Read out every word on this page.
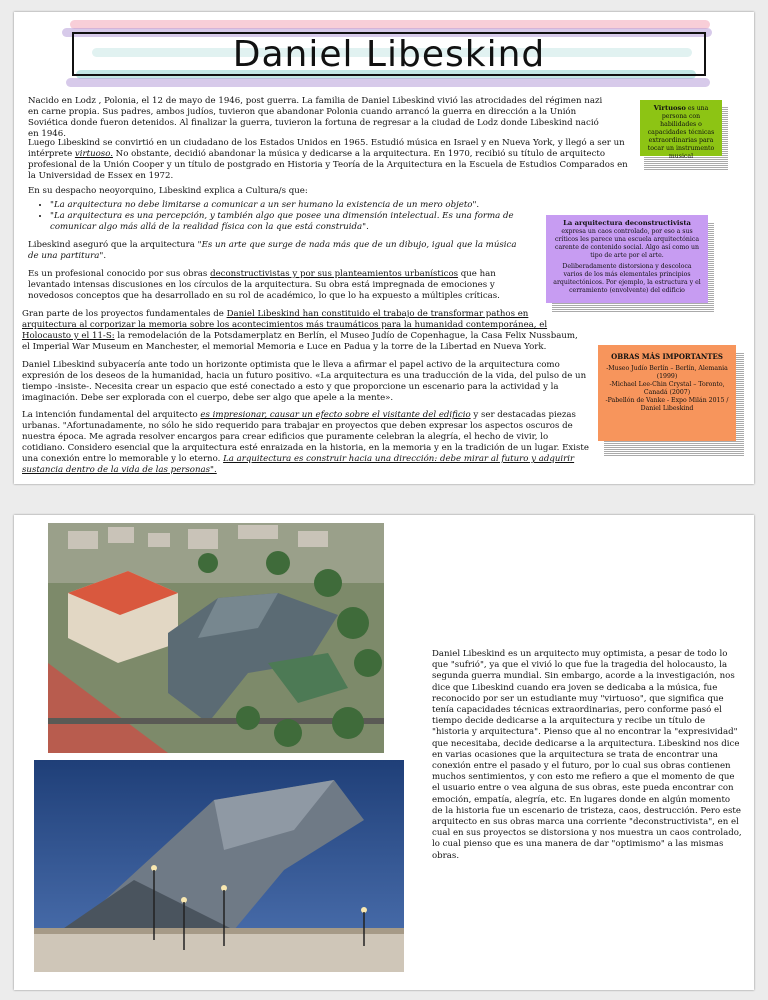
Daniel Libeskind

Nacido en Lodz , Polonia, el 12 de mayo de 1946, post guerra. La familia de Daniel Libeskind vivió las atrocidades del régimen nazi en carne propia. Sus padres, ambos judíos, tuvieron que abandonar Polonia cuando arrancó la guerra en dirección a la Unión Soviética donde fueron detenidos. Al finalizar la guerra, tuvieron la fortuna de regresar a la ciudad de Lodz donde Libeskind nació en 1946.

Luego Libeskind se convirtió en un ciudadano de los Estados Unidos en 1965. Estudió música en Israel y en Nueva York, y llegó a ser un intérprete virtuoso. No obstante, decidió abandonar la música y dedicarse a la arquitectura. En 1970, recibió su título de arquitecto profesional de la Unión Cooper y un título de postgrado en Historia y Teoría de la Arquitectura en la Escuela de Estudios Comparados en la Universidad de Essex en 1972.

En su despacho neoyorquino, Libeskind explica a Cultura/s que:

• "La arquitectura no debe limitarse a comunicar a un ser humano la existencia de un mero objeto".
• "La arquitectura es una percepción, y también algo que posee una dimensión intelectual. Es una forma de comunicar algo más allá de la realidad física con la que está construida".

Libeskind aseguró que la arquitectura "Es un arte que surge de nada más que de un dibujo, igual que la música de una partitura".

Es un profesional conocido por sus obras deconstructivistas y por sus planteamientos urbanísticos que han levantado intensas discusiones en los círculos de la arquitectura. Su obra está impregnada de emociones y novedosos conceptos que ha desarrollado en su rol de académico, lo que lo ha expuesto a múltiples críticas.

Gran parte de los proyectos fundamentales de Daniel Libeskind han constituido el trabajo de transformar pathos en arquitectura al corporizar la memoria sobre los acontecimientos más traumáticos para la humanidad contemporánea, el Holocausto y el 11-S: la remodelación de la Potsdamerplatz en Berlín, el Museo Judío de Copenhague, la Casa Felix Nussbaum, el Imperial War Museum en Manchester, el memorial Memoria e Luce en Padua y la torre de la Libertad en Nueva York.

Daniel Libeskind subyacería ante todo un horizonte optimista que le lleva a afirmar el papel activo de la arquitectura como expresión de los deseos de la humanidad, hacia un futuro positivo. «La arquitectura es una traducción de la vida, del pulso de un tiempo -insiste-. Necesita crear un espacio que esté conectado a esto y que proporcione un escenario para la actividad y la imaginación. Debe ser explorada con el cuerpo, debe ser algo que apele a la mente».

La intención fundamental del arquitecto es impresionar, causar un efecto sobre el visitante del edificio y ser destacadas piezas urbanas. "Afortunadamente, no sólo he sido requerido para trabajar en proyectos que deben expresar los aspectos oscuros de nuestra época. Me agrada resolver encargos para crear edificios que puramente celebran la alegría, el hecho de vivir, lo cotidiano. Considero esencial que la arquitectura esté enraizada en la historia, en la memoria y en la tradición de un lugar. Existe una conexión entre lo memorable y lo eterno. La arquitectura es construir hacia una dirección: debe mirar al futuro y adquirir sustancia dentro de la vida de las personas".

Virtuoso es una persona con habilidades o capacidades técnicas extraordinarias para tocar un instrumento musical
La arquitectura deconstructivista expresa un caos controlado, por eso a sus críticos les parece una escuela arquitectónica carente de contenido social. Algo así como un tipo de arte por el arte.
Deliberadamente distorsiona y descoloca varios de los más elementales principios arquitectónicos. Por ejemplo, la estructura y el cerramiento (envolvente) del edificio
OBRAS MÁS IMPORTANTES
-Museo Judío Berlín – Berlín, Alemania (1999)
-Michael Lee-Chin Crystal – Toronto, Canadá (2007)
-Pabellón de Vanke - Expo Milán 2015 / Daniel Libeskind

Daniel Libeskind es un arquitecto muy optimista, a pesar de todo lo que "sufrió", ya que el vivió lo que fue la tragedia del holocausto, la segunda guerra mundial. Sin embargo, acorde a la investigación, nos dice que Libeskind cuando era joven se dedicaba a la música, fue reconocido por ser un estudiante muy "virtuoso", que significa que tenía capacidades técnicas extraordinarias, pero conforme pasó el tiempo decide dedicarse a la arquitectura y recibe un título de "historia y arquitectura". Pienso que al no encontrar la "expresividad" que necesitaba, decide dedicarse a la arquitectura. Libeskind nos dice en varias ocasiones que la arquitectura se trata de encontrar una conexión entre el pasado y el futuro, por lo cual sus obras contienen muchos sentimientos, y con esto me refiero a que el momento de que el usuario entre o vea alguna de sus obras, este pueda encontrar con emoción, empatía, alegría, etc. En lugares donde en algún momento de la historia fue un escenario de tristeza, caos, destrucción. Pero este arquitecto en sus obras marca una corriente "deconstructivista", en el cual en sus proyectos se distorsiona y nos muestra un caos controlado, lo cual pienso que es una manera de dar "optimismo" a las mismas obras.
